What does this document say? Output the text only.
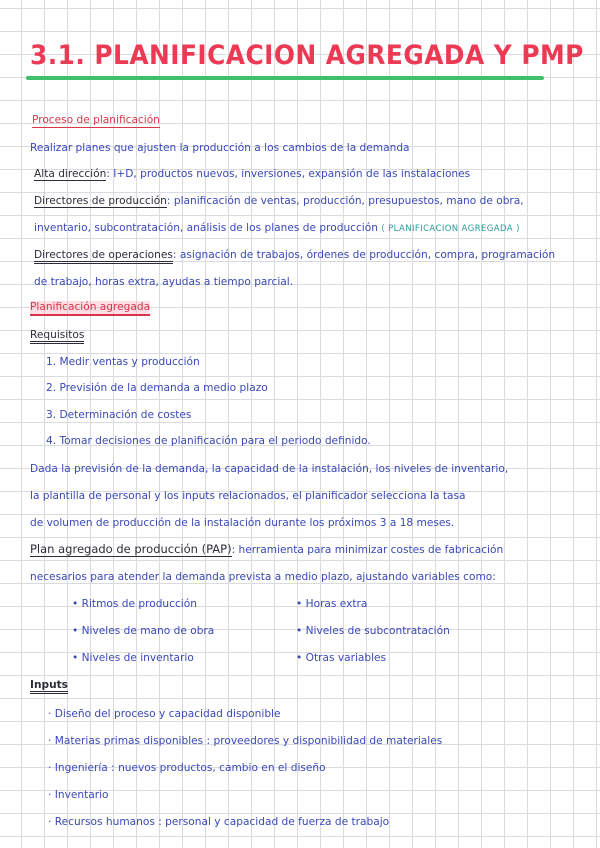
3.1. PLANIFICACION AGREGADA Y PMP
Proceso de planificación
Realizar planes que ajusten la producción a los cambios de la demanda
Alta dirección: I+D, productos nuevos, inversiones, expansión de las instalaciones
Directores de producción: planificación de ventas, producción, presupuestos, mano de obra,
inventario, subcontratación, análisis de los planes de producción ( PLANIFICACION AGREGADA )
Directores de operaciones: asignación de trabajos, órdenes de producción, compra, programación
de trabajo, horas extra, ayudas a tiempo parcial.
Planificación agregada
Requisitos
1. Medir ventas y producción
2. Previsión de la demanda a medio plazo
3. Determinación de costes
4. Tomar decisiones de planificación para el periodo definido.
Dada la previsión de la demanda, la capacidad de la instalación, los niveles de inventario,
la plantilla de personal y los inputs relacionados, el planificador selecciona la tasa
de volumen de producción de la instalación durante los próximos 3 a 18 meses.
Plan agregado de producción (PAP): herramienta para minimizar costes de fabricación
necesarios para atender la demanda prevista a medio plazo, ajustando variables como:
• Ritmos de producción
• Niveles de mano de obra
• Niveles de inventario
• Horas extra
• Niveles de subcontratación
• Otras variables
Inputs
· Diseño del proceso y capacidad disponible
· Materias primas disponibles : proveedores y disponibilidad de materiales
· Ingeniería : nuevos productos, cambio en el diseño
· Inventario
· Recursos humanos : personal y capacidad de fuerza de trabajo
